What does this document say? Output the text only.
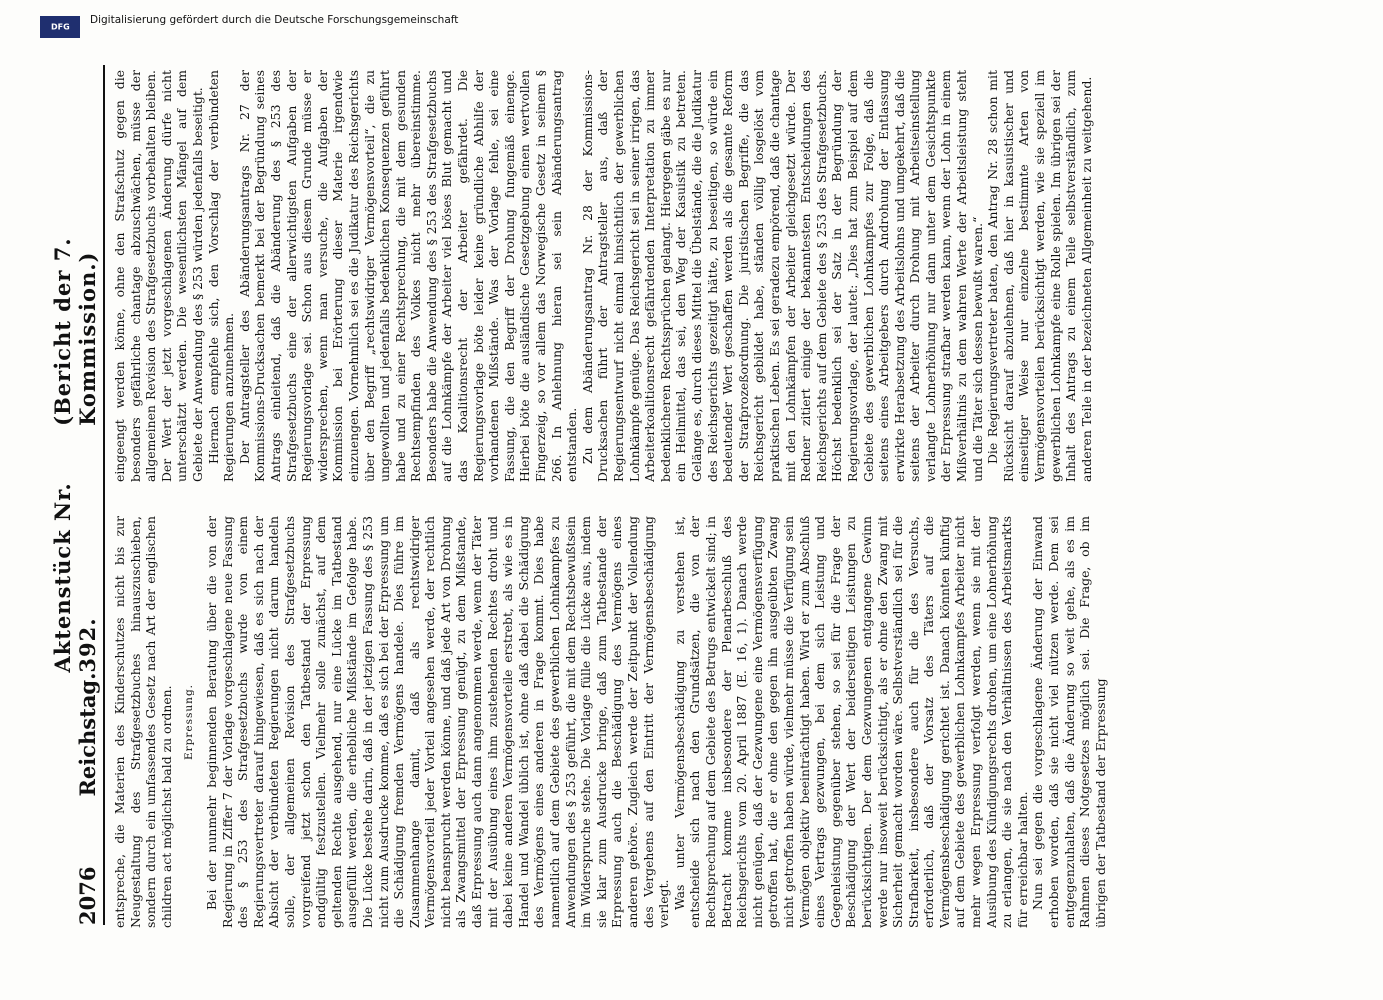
2076
Reichstag.
Aktenstück Nr. 392.
(Bericht der 7. Kommission.)

entspreche, die Materien des Kinderschutzes nicht bis zur Neugestaltung des Strafgesetzbuches hinauszuschieben, sondern durch ein umfassendes Gesetz nach Art der englischen children act möglichst bald zu ordnen. Erpressung. Bei der nunmehr beginnenden Beratung über die von der Regierung in Ziffer 7 der Vorlage vorgeschlagene neue Fassung des § 253 des Strafgesetzbuchs wurde von einem Regierungsvertreter darauf hingewiesen, daß es sich nach der Absicht der verbündeten Regierungen nicht darum handeln solle, der allgemeinen Revision des Strafgesetzbuchs vorgreifend jetzt schon den Tatbestand der Erpressung endgültig festzustellen. Vielmehr solle zunächst, auf dem geltenden Rechte ausgehend, nur eine Lücke im Tatbestand ausgefüllt werden, die erhebliche Mißstände im Gefolge habe. Die Lücke bestehe darin, daß in der jetzigen Fassung des § 253 nicht zum Ausdrucke komme, daß es sich bei der Erpressung um die Schädigung fremden Vermögens handele. Dies führe im Zusammenhange damit, daß als rechtswidriger Vermögensvorteil jeder Vorteil angesehen werde, der rechtlich nicht beansprucht werden könne, und daß jede Art von Drohung als Zwangsmittel der Erpressung genügt, zu dem Mißstande, daß Erpressung auch dann angenommen werde, wenn der Täter mit der Ausübung eines ihm zustehenden Rechtes droht und dabei keine anderen Vermögensvorteile erstrebt, als wie es in Handel und Wandel üblich ist, ohne daß dabei die Schädigung des Vermögens eines anderen in Frage kommt. Dies habe namentlich auf dem Gebiete des gewerblichen Lohnkampfes zu Anwendungen des § 253 geführt, die mit dem Rechtsbewußtsein im Widerspruche stehe. Die Vorlage fülle die Lücke aus, indem sie klar zum Ausdrucke bringe, daß zum Tatbestande der Erpressung auch die Beschädigung des Vermögens eines anderen gehöre. Zugleich werde der Zeitpunkt der Vollendung des Vergehens auf den Eintritt der Vermögensbeschädigung verlegt. Was unter Vermögensbeschädigung zu verstehen ist, entscheide sich nach den Grundsätzen, die von der Rechtsprechung auf dem Gebiete des Betrugs entwickelt sind; in Betracht komme insbesondere der Plenarbeschluß des Reichsgerichts vom 20. April 1887 (E. 16, 1). Danach werde nicht genügen, daß der Gezwungene eine Vermögensverfügung getroffen hat, die er ohne den gegen ihn ausgeübten Zwang nicht getroffen haben würde, vielmehr müsse die Verfügung sein Vermögen objektiv beeinträchtigt haben. Wird er zum Abschluß eines Vertrags gezwungen, bei dem sich Leistung und Gegenleistung gegenüber stehen, so sei für die Frage der Beschädigung der Wert der beiderseitigen Leistungen zu berücksichtigen. Der dem Gezwungenen entgangene Gewinn werde nur insoweit berücksichtigt, als er ohne den Zwang mit Sicherheit gemacht worden wäre. Selbstverständlich sei für die Strafbarkeit, insbesondere auch für die des Versuchs, erforderlich, daß der Vorsatz des Täters auf die Vermögensbeschädigung gerichtet ist. Danach könnten künftig auf dem Gebiete des gewerblichen Lohnkampfes Arbeiter nicht mehr wegen Erpressung verfolgt werden, wenn sie mit der Ausübung des Kündigungsrechts drohen, um eine Lohnerhöhung zu erlangen, die sie nach den Verhältnissen des Arbeitsmarkts für erreichbar halten. Nun sei gegen die vorgeschlagene Änderung der Einwand erhoben worden, daß sie nicht viel nützen werde. Dem sei entgegenzuhalten, daß die Änderung so weit gehe, als es im Rahmen dieses Notgesetzes möglich sei. Die Frage, ob im übrigen der Tatbestand der Erpressung

eingeengt werden könne, ohne den Strafschutz gegen die besonders gefährliche chantage abzuschwächen, müsse der allgemeinen Revision des Strafgesetzbuchs vorbehalten bleiben. Der Wert der jetzt vorgeschlagenen Änderung dürfe nicht unterschätzt werden. Die wesentlichsten Mängel auf dem Gebiete der Anwendung des § 253 würden jedenfalls beseitigt. Hiernach empfehle sich, den Vorschlag der verbündeten Regierungen anzunehmen. Der Antragsteller des Abänderungsantrags Nr. 27 der Kommissions-Drucksachen bemerkt bei der Begründung seines Antrags einleitend, daß die Abänderung des § 253 des Strafgesetzbuchs eine der allerwichtigsten Aufgaben der Regierungsvorlage sei. Schon aus diesem Grunde müsse er widersprechen, wenn man versuche, die Aufgaben der Kommission bei Erörterung dieser Materie irgendwie einzuengen. Vornehmlich sei es die Judikatur des Reichsgerichts über den Begriff „rechtswidriger Vermögensvorteil“, die zu ungewollten und jedenfalls bedenklichen Konsequenzen geführt habe und zu einer Rechtsprechung, die mit dem gesunden Rechtsempfinden des Volkes nicht mehr übereinstimme. Besonders habe die Anwendung des § 253 des Strafgesetzbuchs auf die Lohnkämpfe der Arbeiter viel böses Blut gemacht und das Koalitionsrecht der Arbeiter gefährdet. Die Regierungsvorlage böte leider keine gründliche Abhilfe der vorhandenen Mißstände. Was der Vorlage fehle, sei eine Fassung, die den Begriff der Drohung fungemäß einenge. Hierbei böte die ausländische Gesetzgebung einen wertvollen Fingerzeig, so vor allem das Norwegische Gesetz in seinem § 266. In Anlehnung hieran sei sein Abänderungsantrag entstanden. Zu dem Abänderungsantrag Nr. 28 der Kommissions-Drucksachen führt der Antragsteller aus, daß der Regierungsentwurf nicht einmal hinsichtlich der gewerblichen Lohnkämpfe genüge. Das Reichsgericht sei in seiner irrigen, das Arbeiterkoalitionsrecht gefährdenden Interpretation zu immer bedenklicheren Rechtssprüchen gelangt. Hiergegen gäbe es nur ein Heilmittel, das sei, den Weg der Kasuistik zu betreten. Gelänge es, durch dieses Mittel die Übelstände, die die Judikatur des Reichsgerichts gezeitigt hätte, zu beseitigen, so würde ein bedeutender Wert geschaffen werden als die gesamte Reform der Strafprozeßordnung. Die juristischen Begriffe, die das Reichsgericht gebildet habe, ständen völlig losgelöst vom praktischen Leben. Es sei geradezu empörend, daß die chantage mit den Lohnkämpfen der Arbeiter gleichgesetzt würde. Der Redner zitiert einige der bekanntesten Entscheidungen des Reichsgerichts auf dem Gebiete des § 253 des Strafgesetzbuchs. Höchst bedenklich sei der Satz in der Begründung der Regierungsvorlage, der lautet: „Dies hat zum Beispiel auf dem Gebiete des gewerblichen Lohnkampfes zur Folge, daß die seitens eines Arbeitgebers durch Androhung der Entlassung erwirkte Herabsetzung des Arbeitslohns und umgekehrt, daß die seitens der Arbeiter durch Drohung mit Arbeitseinstellung verlangte Lohnerhöhung nur dann unter dem Gesichtspunkte der Erpressung strafbar werden kann, wenn der Lohn in einem Mißverhältnis zu dem wahren Werte der Arbeitsleistung steht und die Täter sich dessen bewußt waren.“ Die Regierungsvertreter baten, den Antrag Nr. 28 schon mit Rücksicht darauf abzulehnen, daß hier in kasuistischer und einseitiger Weise nur einzelne bestimmte Arten von Vermögensvorteilen berücksichtigt werden, wie sie speziell im gewerblichen Lohnkampfe eine Rolle spielen. Im übrigen sei der Inhalt des Antrags zu einem Teile selbstverständlich, zum anderen Teile in der bezeichneten Allgemeinheit zu weitgehend.

DFG
Digitalisierung gefördert durch die Deutsche Forschungsgemeinschaft
